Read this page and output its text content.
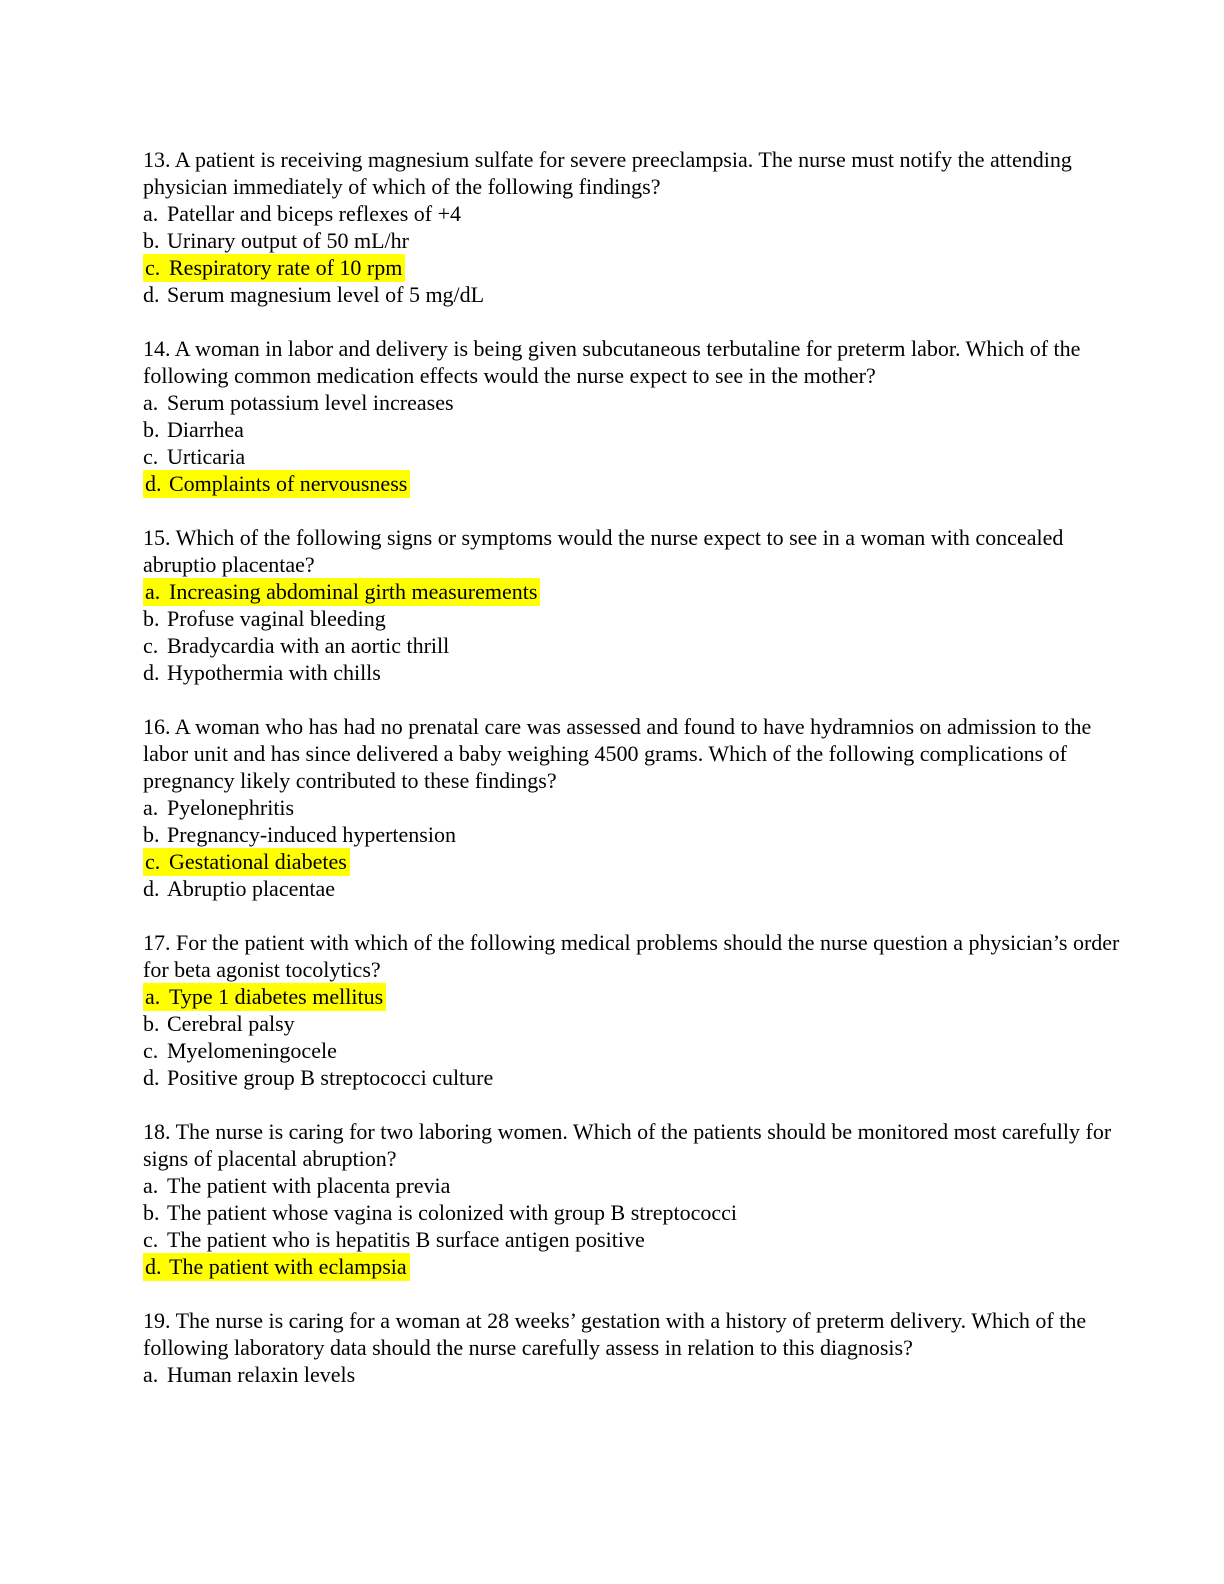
13. A patient is receiving magnesium sulfate for severe preeclampsia. The nurse must notify the attending physician immediately of which of the following findings?

a. Patellar and biceps reflexes of +4
b. Urinary output of 50 mL/hr
c. Respiratory rate of 10 rpm
d. Serum magnesium level of 5 mg/dL

14. A woman in labor and delivery is being given subcutaneous terbutaline for preterm labor. Which of the following common medication effects would the nurse expect to see in the mother?

a. Serum potassium level increases
b. Diarrhea
c. Urticaria
d. Complaints of nervousness

15. Which of the following signs or symptoms would the nurse expect to see in a woman with concealed abruptio placentae?

a. Increasing abdominal girth measurements
b. Profuse vaginal bleeding
c. Bradycardia with an aortic thrill
d. Hypothermia with chills

16. A woman who has had no prenatal care was assessed and found to have hydramnios on admission to the labor unit and has since delivered a baby weighing 4500 grams. Which of the following complications of pregnancy likely contributed to these findings?

a. Pyelonephritis
b. Pregnancy-induced hypertension
c. Gestational diabetes
d. Abruptio placentae

17. For the patient with which of the following medical problems should the nurse question a physician’s order for beta agonist tocolytics?

a. Type 1 diabetes mellitus
b. Cerebral palsy
c. Myelomeningocele
d. Positive group B streptococci culture

18. The nurse is caring for two laboring women. Which of the patients should be monitored most carefully for signs of placental abruption?

a. The patient with placenta previa
b. The patient whose vagina is colonized with group B streptococci
c. The patient who is hepatitis B surface antigen positive
d. The patient with eclampsia

19. The nurse is caring for a woman at 28 weeks’ gestation with a history of preterm delivery. Which of the following laboratory data should the nurse carefully assess in relation to this diagnosis?

a. Human relaxin levels
